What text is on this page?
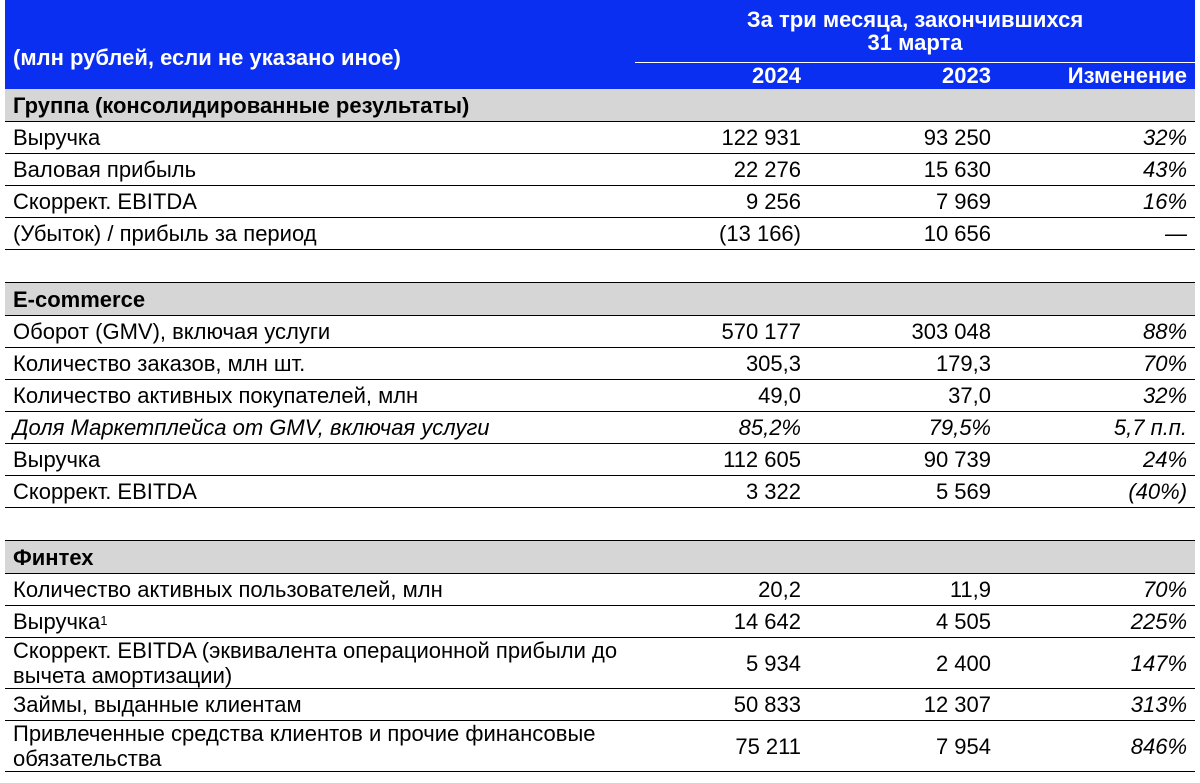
(млн рублей, если не указано иное)	За три месяца, закончившихся
31 марта		
	2024	2023	Изменение
Группа (консолидированные результаты)			
Выручка	122 931	93 250	32%
Валовая прибыль	22 276	15 630	43%
Скоррект. EBITDA	9 256	7 969	16%
(Убыток) / прибыль за период	(13 166)	10 656	—

E-commerce			
Оборот (GMV), включая услуги	570 177	303 048	88%
Количество заказов, млн шт.	305,3	179,3	70%
Количество активных покупателей, млн	49,0	37,0	32%
Доля Маркетплейса от GMV, включая услуги	85,2%	79,5%	5,7 п.п.
Выручка	112 605	90 739	24%
Скоррект. EBITDA	3 322	5 569	(40%)

Финтех			
Количество активных пользователей, млн	20,2	11,9	70%
Выручка$^1$	14 642	4 505	225%
Скоррект. EBITDA (эквивалента операционной прибыли до вычета амортизации)	5 934	2 400	147%
Займы, выданные клиентам	50 833	12 307	313%
Привлеченные средства клиентов и прочие финансовые обязательства	75 211	7 954	846%
